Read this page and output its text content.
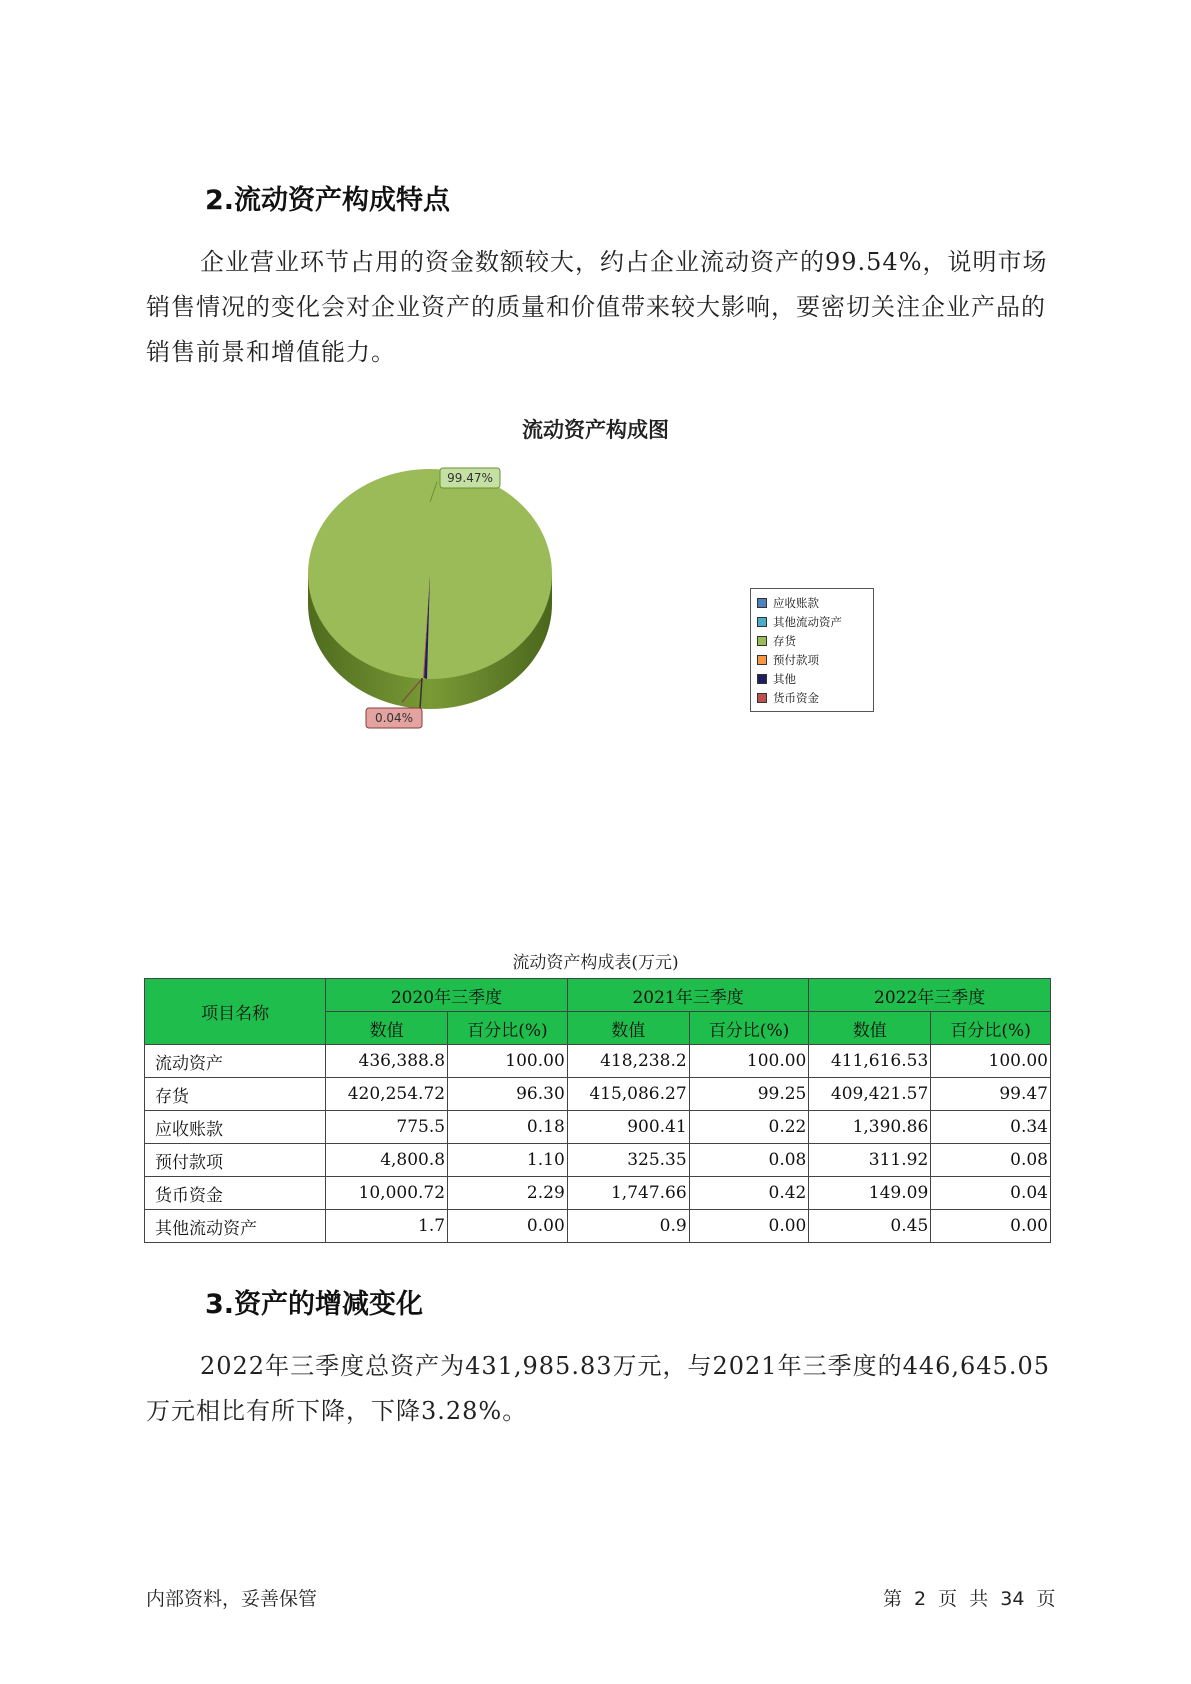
2.流动资产构成特点

企业营业环节占用的资金数额较大，约占企业流动资产的99.54%，说明市场销售情况的变化会对企业资产的质量和价值带来较大影响，要密切关注企业产品的销售前景和增值能力。

流动资产构成图
99.47%
0.04%
应收账款
其他流动资产
存货
预付款项
其他
货币资金
流动资产构成表(万元)
项目名称	2020年三季度		2021年三季度		2022年三季度	
	数值	百分比(%)	数值	百分比(%)	数值	百分比(%)
流动资产	436,388.8	100.00	418,238.2	100.00	411,616.53	100.00
存货	420,254.72	96.30	415,086.27	99.25	409,421.57	99.47
应收账款	775.5	0.18	900.41	0.22	1,390.86	0.34
预付款项	4,800.8	1.10	325.35	0.08	311.92	0.08
货币资金	10,000.72	2.29	1,747.66	0.42	149.09	0.04
其他流动资产	1.7	0.00	0.9	0.00	0.45	0.00
3.资产的增减变化

2022年三季度总资产为431,985.83万元，与2021年三季度的446,645.05万元相比有所下降，下降3.28%。

内部资料，妥善保管	第 2 页 共 34 页
